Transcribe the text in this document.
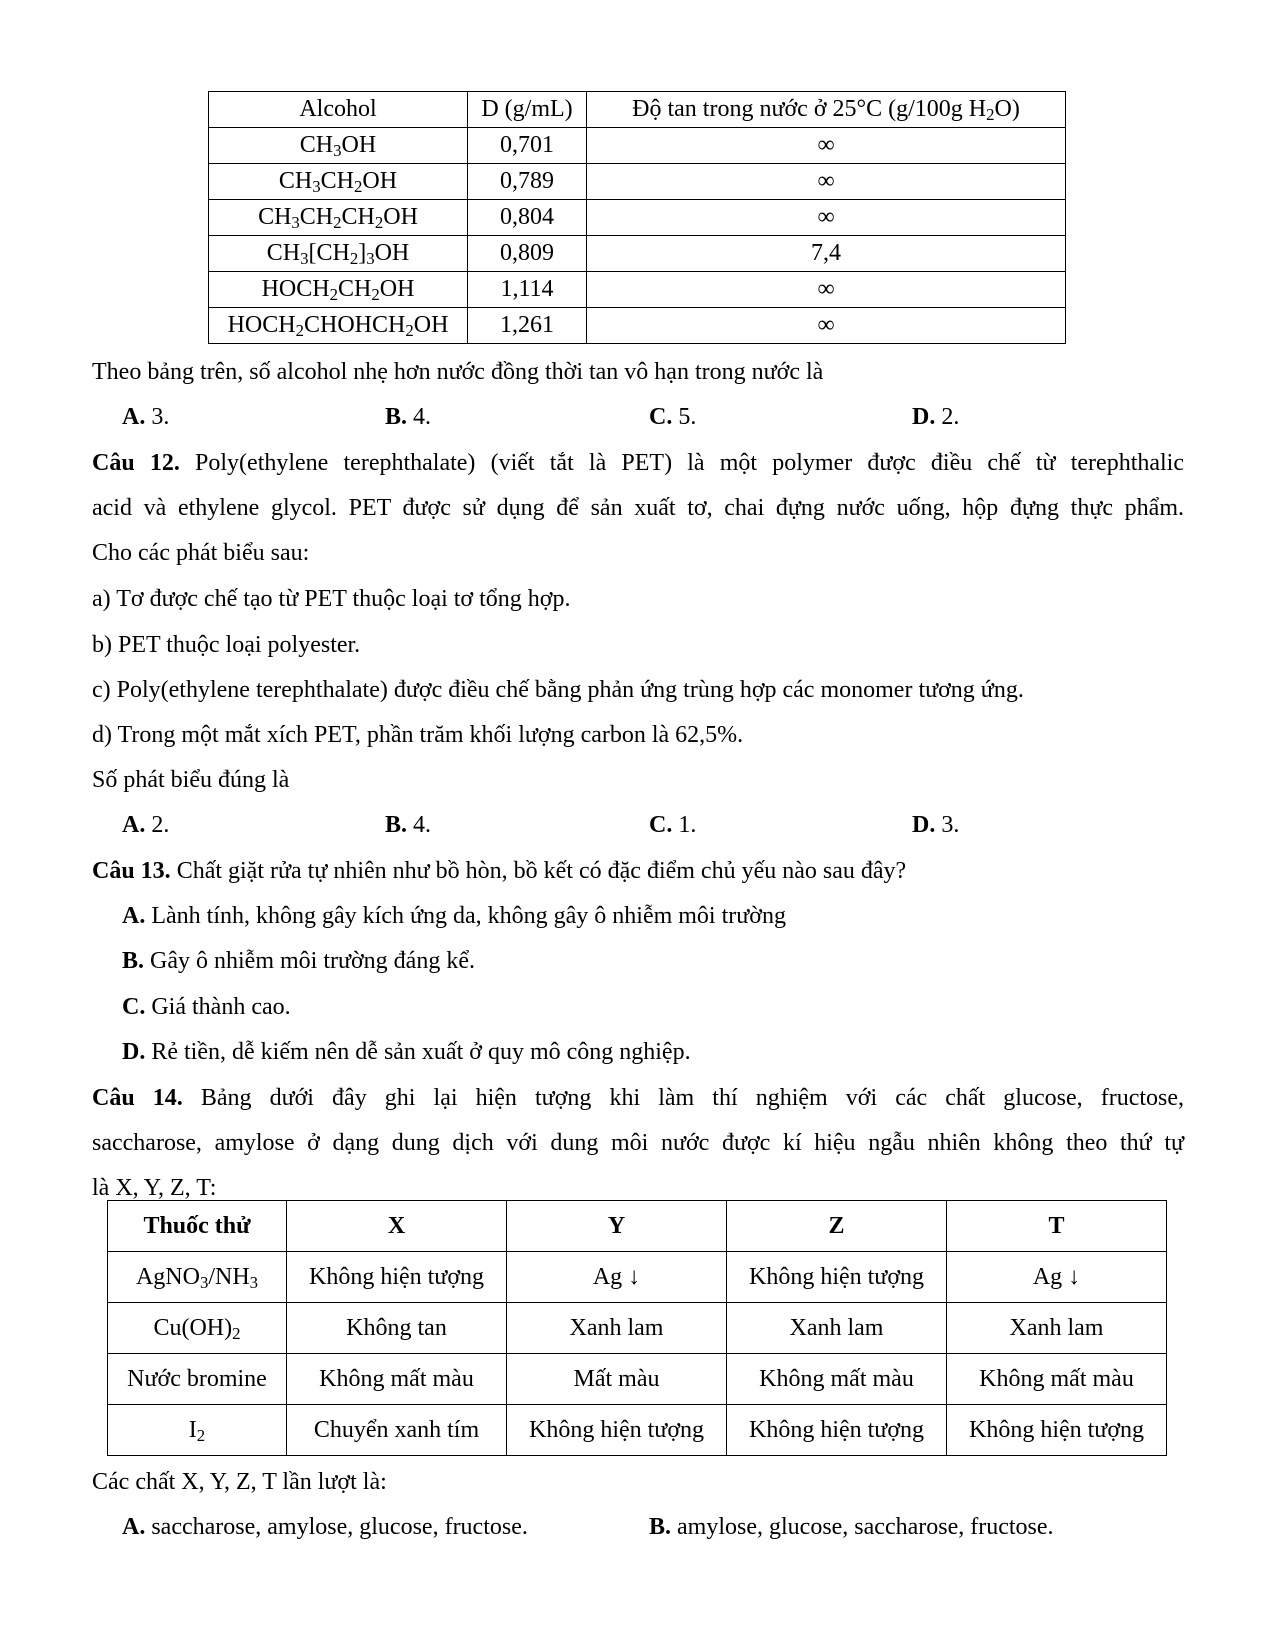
Alcohol	D (g/mL)	Độ tan trong nước ở 25°C (g/100g $H_2O$)
$CH_3OH$	0,701	∞
$CH_3CH_2OH$	0,789	∞
$CH_3CH_2CH_2OH$	0,804	∞
$CH_3[CH_2]_3OH$	0,809	7,4
$HOCH_2CH_2OH$	1,114	∞
$HOCH_2CHOHCH_2OH$	1,261	∞
Theo bảng trên, số alcohol nhẹ hơn nước đồng thời tan vô hạn trong nước là
A. 3.	B. 4.	C. 5.	D. 2.
Câu 12. Poly(ethylene terephthalate) (viết tắt là PET) là một polymer được điều chế từ terephthalic
acid và ethylene glycol. PET được sử dụng để sản xuất tơ, chai đựng nước uống, hộp đựng thực phẩm.
Cho các phát biểu sau:
a) Tơ được chế tạo từ PET thuộc loại tơ tổng hợp.
b) PET thuộc loại polyester.
c) Poly(ethylene terephthalate) được điều chế bằng phản ứng trùng hợp các monomer tương ứng.
d) Trong một mắt xích PET, phần trăm khối lượng carbon là 62,5%.
Số phát biểu đúng là
A. 2.	B. 4.	C. 1.	D. 3.
Câu 13. Chất giặt rửa tự nhiên như bồ hòn, bồ kết có đặc điểm chủ yếu nào sau đây?
A. Lành tính, không gây kích ứng da, không gây ô nhiễm môi trường
B. Gây ô nhiễm môi trường đáng kể.
C. Giá thành cao.
D. Rẻ tiền, dễ kiếm nên dễ sản xuất ở quy mô công nghiệp.
Câu 14. Bảng dưới đây ghi lại hiện tượng khi làm thí nghiệm với các chất glucose, fructose,
saccharose, amylose ở dạng dung dịch với dung môi nước được kí hiệu ngẫu nhiên không theo thứ tự
là X, Y, Z, T:
Thuốc thử	X	Y	Z	T
$AgNO_3/NH_3$	Không hiện tượng	Ag ↓	Không hiện tượng	Ag ↓
$Cu(OH)_2$	Không tan	Xanh lam	Xanh lam	Xanh lam
Nước bromine	Không mất màu	Mất màu	Không mất màu	Không mất màu
$I_2$	Chuyển xanh tím	Không hiện tượng	Không hiện tượng	Không hiện tượng
Các chất X, Y, Z, T lần lượt là:
A. saccharose, amylose, glucose, fructose.	B. amylose, glucose, saccharose, fructose.
